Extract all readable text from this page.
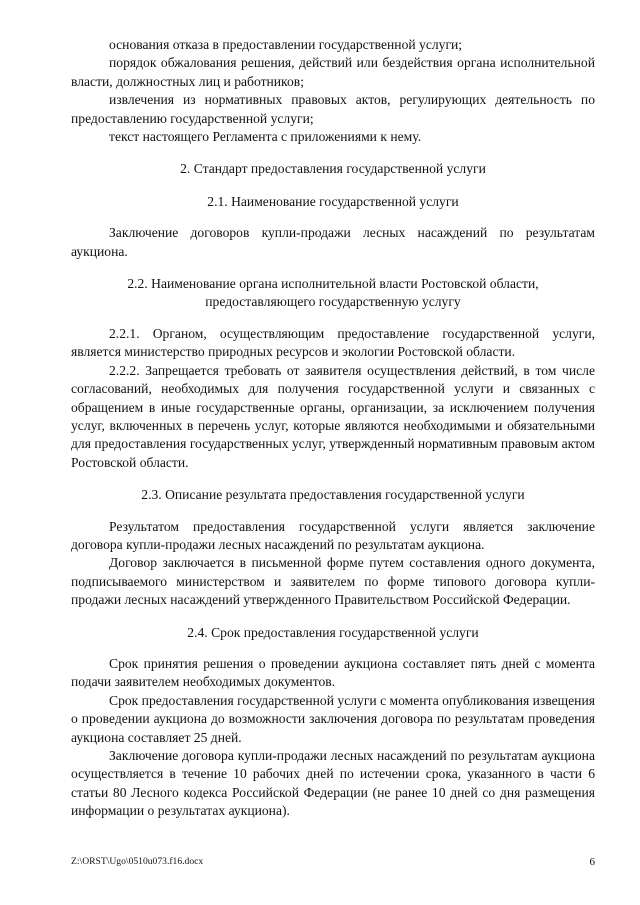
основания отказа в предоставлении государственной услуги;

порядок обжалования решения, действий или бездействия органа исполнительной власти, должностных лиц и работников;

извлечения из нормативных правовых актов, регулирующих деятельность по предоставлению государственной услуги;

текст настоящего Регламента с приложениями к нему.

2. Стандарт предоставления государственной услуги

2.1. Наименование государственной услуги

Заключение договоров купли-продажи лесных насаждений по результатам аукциона.

2.2. Наименование органа исполнительной власти Ростовской области,

предоставляющего государственную услугу

2.2.1. Органом, осуществляющим предоставление государственной услуги, является министерство природных ресурсов и экологии Ростовской области.

2.2.2. Запрещается требовать от заявителя осуществления действий, в том числе согласований, необходимых для получения государственной услуги и связанных с обращением в иные государственные органы, организации, за исключением получения услуг, включенных в перечень услуг, которые являются необходимыми и обязательными для предоставления государственных услуг, утвержденный нормативным правовым актом Ростовской области.

2.3. Описание результата предоставления государственной услуги

Результатом предоставления государственной услуги является заключение договора купли-продажи лесных насаждений по результатам аукциона.

Договор заключается в письменной форме путем составления одного документа, подписываемого министерством и заявителем по форме типового договора купли-продажи лесных насаждений утвержденного Правительством Российской Федерации.

2.4. Срок предоставления государственной услуги

Срок принятия решения о проведении аукциона составляет пять дней с момента подачи заявителем необходимых документов.

Срок предоставления государственной услуги с момента опубликования извещения о проведении аукциона до возможности заключения договора по результатам проведения аукциона составляет 25 дней.

Заключение договора купли-продажи лесных насаждений по результатам аукциона осуществляется в течение 10 рабочих дней по истечении срока, указанного в части 6 статьи 80 Лесного кодекса Российской Федерации (не ранее 10 дней со дня размещения информации о результатах аукциона).

Z:\ORST\Ugo\0510u073.f16.docx	6
